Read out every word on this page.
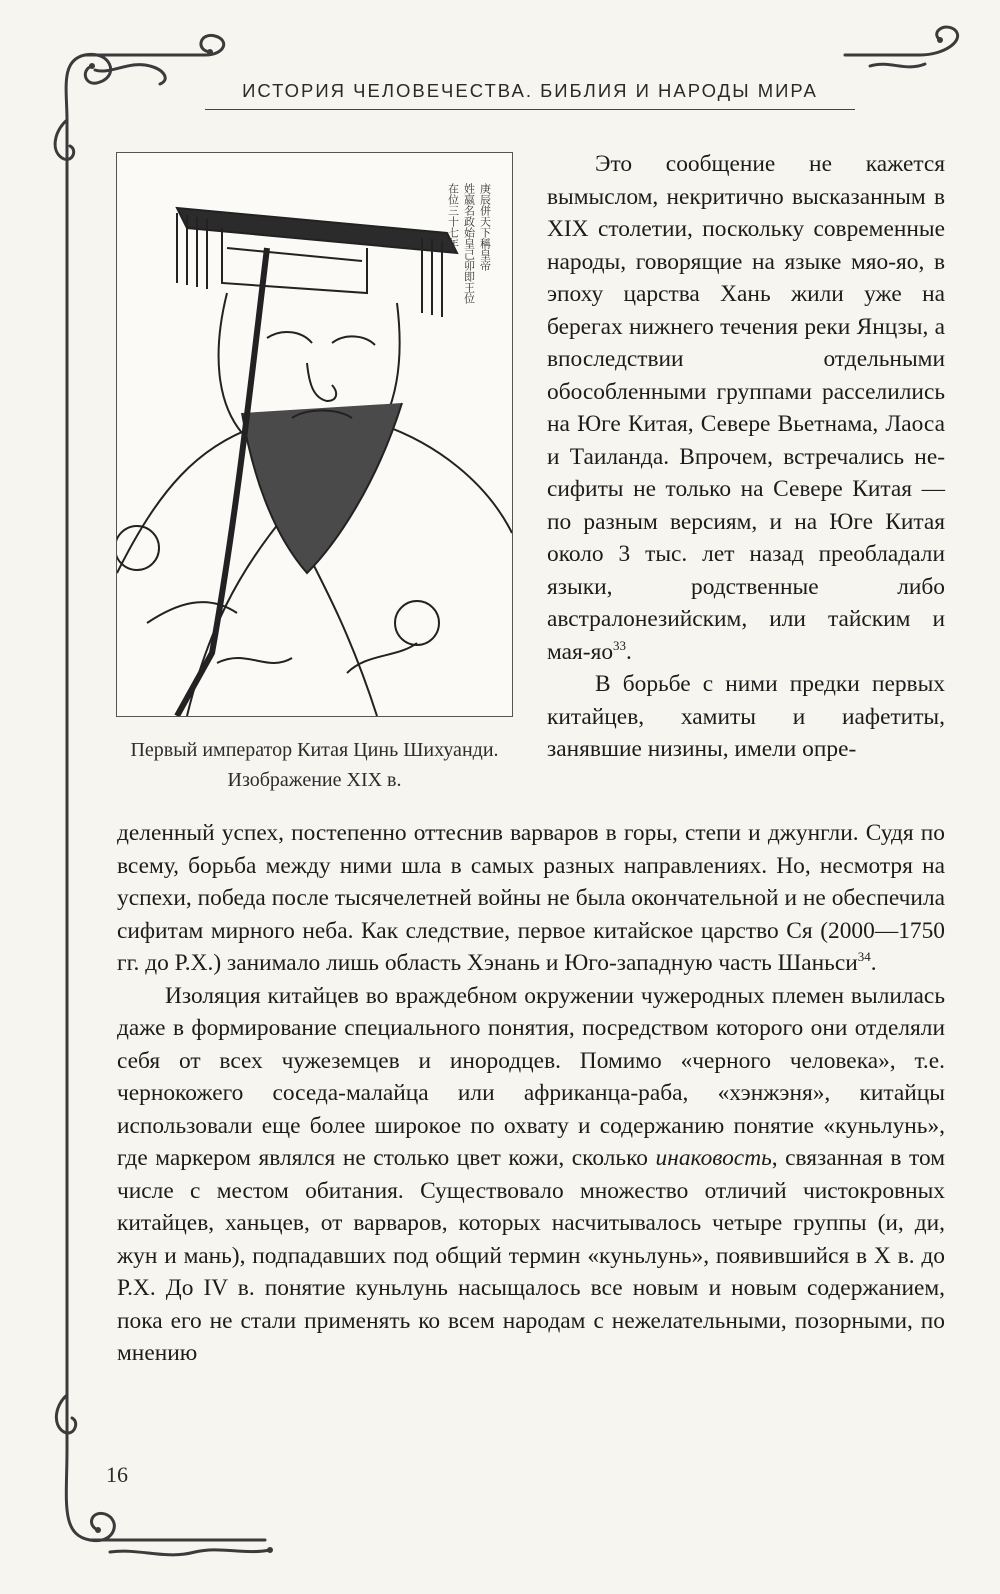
ИСТОРИЯ ЧЕЛОВЕЧЕСТВА. БИБЛИЯ И НАРОДЫ МИРА
姓嬴名政始皇己卯即王位 庚辰併天下稱皇帝
在位三十七年
Первый император Китая Цинь Шихуанди. Изображение XIX в.

Это сообщение не кажется вымыслом, некритично высказанным в XIX столетии, поскольку современные народы, говорящие на языке мяо-яо, в эпоху царства Хань жили уже на берегах нижнего течения реки Янцзы, а впоследствии отдельными обособленными группами расселились на Юге Китая, Севере Вьетнама, Лаоса и Таиланда. Впрочем, встречались не-сифиты не только на Севере Китая — по разным версиям, и на Юге Китая около 3 тыс. лет назад преобладали языки, родственные либо австралонезийским, или тайским и мая-$яо^{33}$.

В борьбе с ними предки первых китайцев, хамиты и иафетиты, занявшие низины, имели опре-

деленный успех, постепенно оттеснив варваров в горы, степи и джунгли. Судя по всему, борьба между ними шла в самых разных направлениях. Но, несмотря на успехи, победа после тысячелетней войны не была окончательной и не обеспечила сифитам мирного неба. Как следствие, первое китайское царство Ся (2000—1750 гг. до Р.Х.) занимало лишь область Хэнань и Юго-западную часть Шаньси$^{34}$.

Изоляция китайцев во враждебном окружении чужеродных племен вылилась даже в формирование специального понятия, посредством которого они отделяли себя от всех чужеземцев и инородцев. Помимо «черного человека», т.е. чернокожего соседа-малайца или африканца-раба, «хэнжэня», китайцы использовали еще более широкое по охвату и содержанию понятие «куньлунь», где маркером являлся не столько цвет кожи, сколько инаковость, связанная в том числе с местом обитания. Существовало множество отличий чистокровных китайцев, ханьцев, от варваров, которых насчитывалось четыре группы (и, ди, жун и мань), подпадавших под общий термин «куньлунь», появившийся в X в. до Р.Х. До IV в. понятие куньлунь насыщалось все новым и новым содержанием, пока его не стали применять ко всем народам с нежелательными, позорными, по мнению

16
